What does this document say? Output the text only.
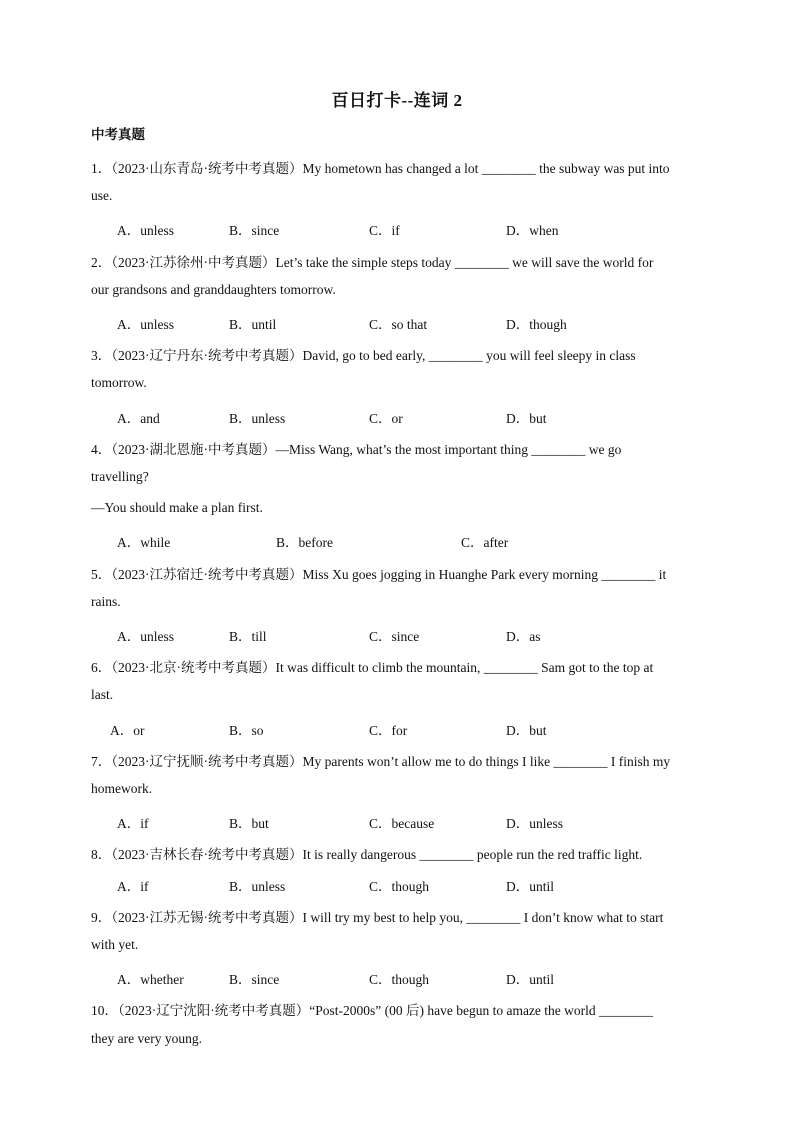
百日打卡--连词 2
中考真题
1．（2023·山东青岛·统考中考真题）My hometown has changed a lot ________ the subway was put into
use.
A．unless	B．since	C．if	D．when
2．（2023·江苏徐州·中考真题）Let’s take the simple steps today ________ we will save the world for
our grandsons and granddaughters tomorrow.
A．unless	B．until	C．so that	D．though
3．（2023·辽宁丹东·统考中考真题）David, go to bed early, ________ you will feel sleepy in class
tomorrow.
A．and	B．unless	C．or	D．but
4．（2023·湖北恩施·中考真题）—Miss Wang, what’s the most important thing ________ we go
travelling?
—You should make a plan first.
A．while	B．before	C．after
5．（2023·江苏宿迁·统考中考真题）Miss Xu goes jogging in Huanghe Park every morning ________ it
rains.
A．unless	B．till	C．since	D．as
6．（2023·北京·统考中考真题）It was difficult to climb the mountain, ________ Sam got to the top at
last.
A．or	B．so	C．for	D．but
7．（2023·辽宁抚顺·统考中考真题）My parents won’t allow me to do things I like ________ I finish my
homework.
A．if	B．but	C．because	D．unless
8．（2023·吉林长春·统考中考真题）It is really dangerous ________ people run the red traffic light.
A．if	B．unless	C．though	D．until
9．（2023·江苏无锡·统考中考真题）I will try my best to help you, ________ I don’t know what to start
with yet.
A．whether	B．since	C．though	D．until
10．（2023·辽宁沈阳·统考中考真题）“Post-2000s” (00 后) have begun to amaze the world ________
they are very young.
